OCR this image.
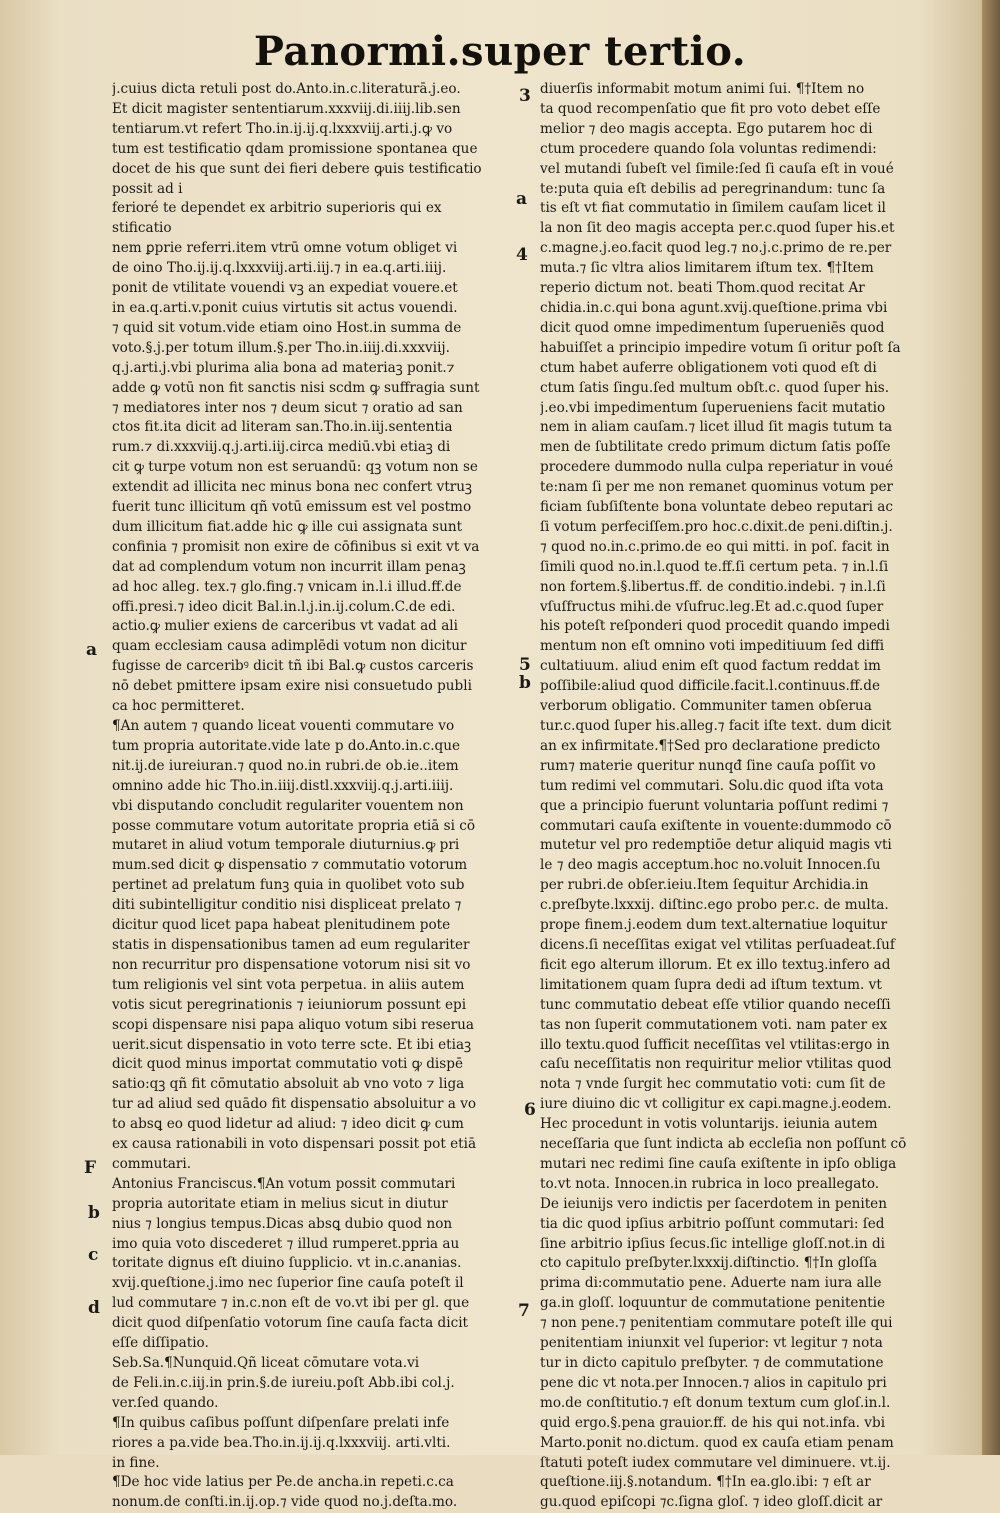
Panormi.super tertio.
j.cuius dicta retuli post do.Anto.in.c.literaturā.j.eo.
Et dicit magister sententiarum.xxxviij.di.iiij.lib.sen
tentiarum.vt refert Tho.in.ij.ij.q.lxxxviij.arti.j.ꝙ vo
tum est testificatio qdam promissione spontanea que
docet de his que sunt dei fieri debere ꝙuis testificatio
possit ad i
ferioré te dependet ex arbitrio superioris qui ex
stificatio
nem ꝑprie referri.item vtrū omne votum obliget vi
de oino Tho.ij.ij.q.lxxxviij.arti.iij.⁊ in ea.q.arti.iiij.
ponit de vtilitate vouendi vꝫ an expediat vouere.et
in ea.q.arti.v.ponit cuius virtutis sit actus vouendi.
⁊ quid sit votum.vide etiam oino Host.in summa de
voto.§.j.per totum illum.§.per Tho.in.iiij.di.xxxviij.
q.j.arti.j.vbi plurima alia bona ad materiaꝫ ponit.⁊
adde ꝙ votū non fit sanctis nisi scdm ꝙ suffragia sunt
⁊ mediatores inter nos ⁊ deum sicut ⁊ oratio ad san
ctos fit.ita dicit ad literam san.Tho.in.iij.sententia
rum.⁊ di.xxxviij.q.j.arti.iij.circa mediū.vbi etiaꝫ di
cit ꝙ turpe votum non est seruandū: qꝫ votum non se
extendit ad illicita nec minus bona nec confert vtruꝫ
fuerit tunc illicitum qñ votū emissum est vel postmo
dum illicitum fiat.adde hic ꝙ ille cui assignata sunt
confinia ⁊ promisit non exire de cōfinibus si exit vt va
dat ad complendum votum non incurrit illam penaꝫ
ad hoc alleg. tex.⁊ glo.fing.⁊ vnicam in.l.i illud.ff.de
offi.presi.⁊ ideo dicit Bal.in.l.j.in.ij.colum.C.de edi.
actio.ꝙ mulier exiens de carceribus vt vadat ad ali
quam ecclesiam causa adimplēdi votum non dicitur
fugisse de carceribꝰ dicit tñ ibi Bal.ꝙ custos carceris
nō debet pmittere ipsam exire nisi consuetudo publi
ca hoc permitteret.
¶An autem ⁊ quando liceat vouenti commutare vo
tum propria autoritate.vide late p do.Anto.in.c.que
nit.ij.de iureiuran.⁊ quod no.in rubri.de ob.ie..item
omnino adde hic Tho.in.iiij.distl.xxxviij.q.j.arti.iiij.
vbi disputando concludit regulariter vouentem non
posse commutare votum autoritate propria etiā si cō
mutaret in aliud votum temporale diuturnius.ꝙ pri
mum.sed dicit ꝙ dispensatio ⁊ commutatio votorum
pertinet ad prelatum funꝫ quia in quolibet voto sub
diti subintelligitur conditio nisi displiceat prelato ⁊
dicitur quod licet papa habeat plenitudinem pote
statis in dispensationibus tamen ad eum regulariter
non recurritur pro dispensatione votorum nisi sit vo
tum religionis vel sint vota perpetua. in aliis autem
votis sicut peregrinationis ⁊ ieiuniorum possunt epi
scopi dispensare nisi papa aliquo votum sibi reserua
uerit.sicut dispensatio in voto terre scte. Et ibi etiaꝫ
dicit quod minus importat commutatio voti ꝙ dispē
satio:qꝫ qñ fit cōmutatio absoluit ab vno voto ⁊ liga
tur ad aliud sed quādo fit dispensatio absoluitur a vo
to absꝗ eo quod lidetur ad aliud: ⁊ ideo dicit ꝙ cum
ex causa rationabili in voto dispensari possit pot etiā
commutari.
Antonius Franciscus.¶An votum possit commutari
propria autoritate etiam in melius sicut in diutur
nius ⁊ longius tempus.Dicas absꝗ dubio quod non
imo quia voto discederet ⁊ illud rumperet.ppria au
toritate dignus eſt diuino ſupplicio. vt in.c.ananias.
xvij.queſtione.j.imo nec ſuperior ſine cauſa poteſt il
lud commutare ⁊ in.c.non eſt de vo.vt ibi per gl. que
dicit quod diſpenſatio votorum ſine cauſa facta dicit
eſſe diſſipatio.
Seb.Sa.¶Nunquid.Qñ liceat cōmutare vota.vi
de Feli.in.c.iij.in prin.§.de iureiu.poſt Abb.ibi col.j.
ver.ſed quando.
¶In quibus caſibus poſſunt diſpenſare prelati infe
riores a pa.vide bea.Tho.in.ij.ij.q.lxxxviij. arti.vlti.
in fine.
¶De hoc vide latius per Pe.de ancha.in repeti.c.ca
nonum.de conſti.in.ij.op.⁊ vide quod no.j.deſta.mo.
diuerſis informabit motum animi ſui. ¶†Item no
ta quod recompenſatio que fit pro voto debet eſſe
melior ⁊ deo magis accepta. Ego putarem hoc di
ctum procedere quando ſola voluntas redimendi:
vel mutandi ſubeſt vel ſimile:ſed ſi cauſa eſt in voué
te:puta quia eſt debilis ad peregrinandum: tunc ſa
tis eſt vt fiat commutatio in ſimilem cauſam licet il
la non ſit deo magis accepta per.c.quod ſuper his.et
c.magne.j.eo.facit quod leg.⁊ no.j.c.primo de re.per
muta.⁊ ſic vltra alios limitarem iſtum tex. ¶†Item
reperio dictum not. beati Thom.quod recitat Ar
chidia.in.c.qui bona agunt.xvij.queſtione.prima vbi
dicit quod omne impedimentum ſuperueniēs quod
habuiſſet a principio impedire votum ſi oritur poſt ſa
ctum habet auferre obligationem voti quod eſt di
ctum ſatis ſingu.ſed multum obſt.c. quod ſuper his.
j.eo.vbi impedimentum ſuperueniens facit mutatio
nem in aliam cauſam.⁊ licet illud ſit magis tutum ta
men de ſubtilitate credo primum dictum ſatis poſſe
procedere dummodo nulla culpa reperiatur in voué
te:nam ſi per me non remanet quominus votum per
ficiam ſubſiſtente bona voluntate debeo reputari ac
ſi votum perfeciſſem.pro hoc.c.dixit.de peni.diſtin.j.
⁊ quod no.in.c.primo.de eo qui mitti. in poſ. facit in
ſimili quod no.in.l.quod te.ff.ſi certum peta. ⁊ in.l.ſi
non fortem.§.libertus.ff. de conditio.indebi. ⁊ in.l.ſi
vſuſfructus mihi.de vſufruc.leg.Et ad.c.quod ſuper
his poteſt reſponderi quod procedit quando impedi
mentum non eſt omnino voti impeditiuum ſed diffi
cultatiuum. aliud enim eſt quod factum reddat im
poſſibile:aliud quod difficile.facit.l.continuus.ff.de
verborum obligatio. Communiter tamen obſerua
tur.c.quod ſuper his.alleg.⁊ facit iſte text. dum dicit
an ex infirmitate.¶†Sed pro declaratione predicto
rum⁊ materie queritur nunqđ ſine cauſa poſſit vo
tum redimi vel commutari. Solu.dic quod iſta vota
que a principio fuerunt voluntaria poſſunt redimi ⁊
commutari cauſa exiſtente in vouente:dummodo cō
mutetur vel pro redemptiōe detur aliquid magis vti
le ⁊ deo magis acceptum.hoc no.voluit Innocen.ſu
per rubri.de obſer.ieiu.Item ſequitur Archidia.in
c.preſbyte.lxxxij. diſtinc.ego probo per.c. de multa.
prope finem.j.eodem dum text.alternatiue loquitur
dicens.ſi neceſſitas exigat vel vtilitas perſuadeat.ſuf
ficit ego alterum illorum. Et ex illo textuꝫ.infero ad
limitationem quam ſupra dedi ad iſtum textum. vt
tunc commutatio debeat eſſe vtilior quando neceſſi
tas non ſuperit commutationem voti. nam pater ex
illo textu.quod ſufficit neceſſitas vel vtilitas:ergo in
caſu neceſſitatis non requiritur melior vtilitas quod
nota ⁊ vnde ſurgit hec commutatio voti: cum ſit de
iure diuino dic vt colligitur ex capi.magne.j.eodem.
Hec procedunt in votis voluntarijs. ieiunia autem
neceſſaria que ſunt indicta ab eccleſia non poſſunt cō
mutari nec redimi ſine cauſa exiſtente in ipſo obliga
to.vt nota. Innocen.in rubrica in loco preallegato.
De ieiunijs vero indictis per ſacerdotem in peniten
tia dic quod ipſius arbitrio poſſunt commutari: ſed
ſine arbitrio ipſius ſecus.ſic intellige gloſſ.not.in di
cto capitulo preſbyter.lxxxij.diſtinctio. ¶†In gloſſa
prima di:commutatio pene. Aduerte nam iura alle
ga.in gloſſ. loquuntur de commutatione penitentie
⁊ non pene.⁊ penitentiam commutare poteſt ille qui
penitentiam iniunxit vel ſuperior: vt legitur ⁊ nota
tur in dicto capitulo preſbyter. ⁊ de commutatione
pene dic vt nota.per Innocen.⁊ alios in capitulo pri
mo.de conſtitutio.⁊ eſt donum textum cum gloſ.in.l.
quid ergo.§.pena grauior.ff. de his qui not.infa. vbi
Marto.ponit no.dictum. quod ex cauſa etiam penam
ſtatuti poteſt iudex commutare vel diminuere. vt.ij.
queſtione.iij.§.notandum. ¶†In ea.glo.ibi: ⁊ eſt ar
gu.quod epiſcopi ⁊c.ſigna gloſ. ⁊ ideo gloſſ.dicit ar
3
a
4
a
5
b
6
F
b
c
d	7
